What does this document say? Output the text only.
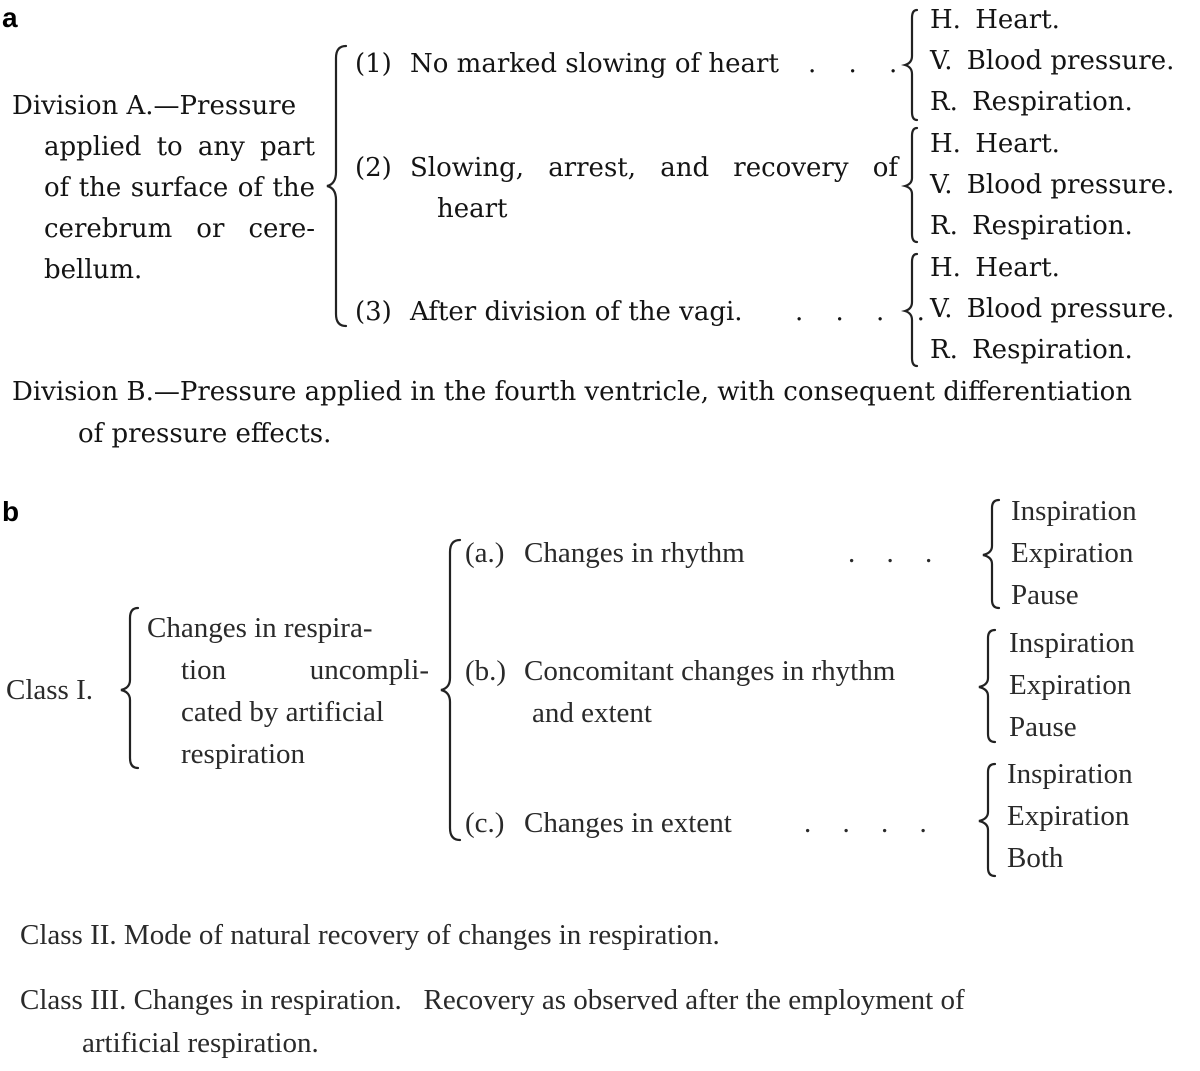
a
Division A.—Pressure
applied to any part
of the surface of the
cerebrum or cere-
bellum.
(1) No marked slowing of heart . . .
(2) Slowing, arrest, and recovery of
heart
(3) After division of the vagi. . . . .
H. Heart.
V. Blood pressure.
R. Respiration.
H. Heart.
V. Blood pressure.
R. Respiration.
H. Heart.
V. Blood pressure.
R. Respiration.
Division B.—Pressure applied in the fourth ventricle, with consequent differentiation
of pressure effects.
b
Class I.
Changes in respira-
tion uncompli-
cated by artificial
respiration
(a.) Changes in rhythm	. . .
(b.) Concomitant changes in rhythm
and extent
(c.) Changes in extent . . . .
Inspiration
Expiration
Pause
Inspiration
Expiration
Pause
Inspiration
Expiration
Both
Class II. Mode of natural recovery of changes in respiration.
Class III. Changes in respiration.   Recovery as observed after the employment of
artificial respiration.
